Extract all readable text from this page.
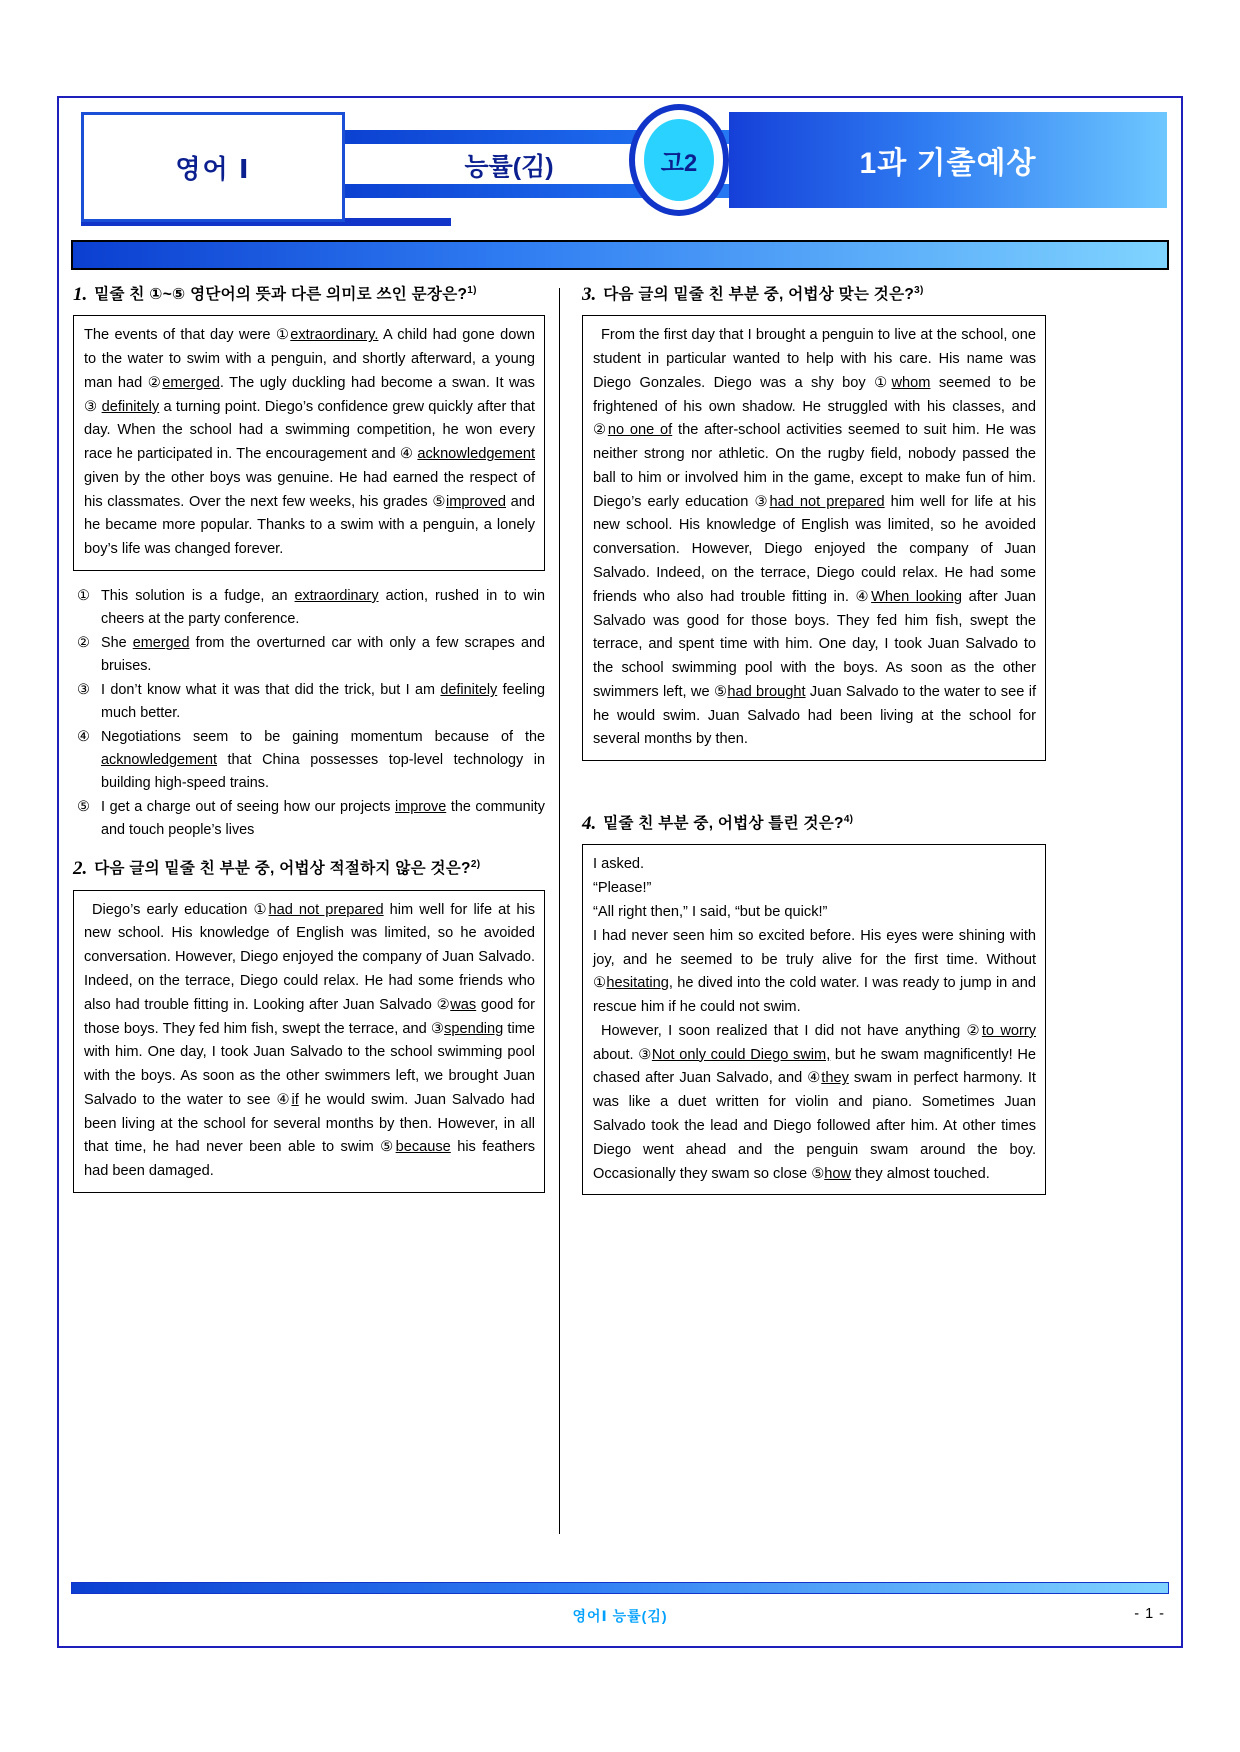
영어 Ⅰ	능률(김)	고2	1과 기출예상
1. 밑줄 친 ①~⑤ 영단어의 뜻과 다른 의미로 쓰인 문장은?$^{1)}$

The events of that day were ①extraordinary. A child had gone down to the water to swim with a penguin, and shortly afterward, a young man had ②emerged. The ugly duckling had become a swan. It was ③ definitely a turning point. Diego’s confidence grew quickly after that day. When the school had a swimming competition, he won every race he participated in. The encouragement and ④ acknowledgement given by the other boys was genuine. He had earned the respect of his classmates. Over the next few weeks, his grades ⑤improved and he became more popular. Thanks to a swim with a penguin, a lonely boy’s life was changed forever.

① This solution is a fudge, an extraordinary action, rushed in to win cheers at the party conference.
② She emerged from the overturned car with only a few scrapes and bruises.
③ I don’t know what it was that did the trick, but I am definitely feeling much better.
④ Negotiations seem to be gaining momentum because of the acknowledgement that China possesses top-level technology in building high-speed trains.
⑤ I get a charge out of seeing how our projects improve the community and touch people’s lives
2. 다음 글의 밑줄 친 부분 중, 어법상 적절하지 않은 것은?$^{2)}$

Diego’s early education ①had not prepared him well for life at his new school. His knowledge of English was limited, so he avoided conversation. However, Diego enjoyed the company of Juan Salvado. Indeed, on the terrace, Diego could relax. He had some friends who also had trouble fitting in. Looking after Juan Salvado ②was good for those boys. They fed him fish, swept the terrace, and ③spending time with him. One day, I took Juan Salvado to the school swimming pool with the boys. As soon as the other swimmers left, we brought Juan Salvado to the water to see ④if he would swim. Juan Salvado had been living at the school for several months by then. However, in all that time, he had never been able to swim ⑤because his feathers had been damaged.

3. 다음 글의 밑줄 친 부분 중, 어법상 맞는 것은?$^{3)}$

From the first day that I brought a penguin to live at the school, one student in particular wanted to help with his care. His name was Diego Gonzales. Diego was a shy boy ①whom seemed to be frightened of his own shadow. He struggled with his classes, and ②no one of the after-school activities seemed to suit him. He was neither strong nor athletic. On the rugby field, nobody passed the ball to him or involved him in the game, except to make fun of him. Diego’s early education ③had not prepared him well for life at his new school. His knowledge of English was limited, so he avoided conversation. However, Diego enjoyed the company of Juan Salvado. Indeed, on the terrace, Diego could relax. He had some friends who also had trouble fitting in. ④When looking after Juan Salvado was good for those boys. They fed him fish, swept the terrace, and spent time with him. One day, I took Juan Salvado to the school swimming pool with the boys. As soon as the other swimmers left, we ⑤had brought Juan Salvado to the water to see if he would swim. Juan Salvado had been living at the school for several months by then.

4. 밑줄 친 부분 중, 어법상 틀린 것은?$^{4)}$

I asked.

“Please!”

“All right then,” I said, “but be quick!”

I had never seen him so excited before. His eyes were shining with joy, and he seemed to be truly alive for the first time. Without ①hesitating, he dived into the cold water. I was ready to jump in and rescue him if he could not swim.

However, I soon realized that I did not have anything ②to worry about. ③Not only could Diego swim, but he swam magnificently! He chased after Juan Salvado, and ④they swam in perfect harmony. It was like a duet written for violin and piano. Sometimes Juan Salvado took the lead and Diego followed after him. At other times Diego went ahead and the penguin swam around the boy. Occasionally they swam so close ⑤how they almost touched.

영어Ⅰ 능률(김)	- 1 -
